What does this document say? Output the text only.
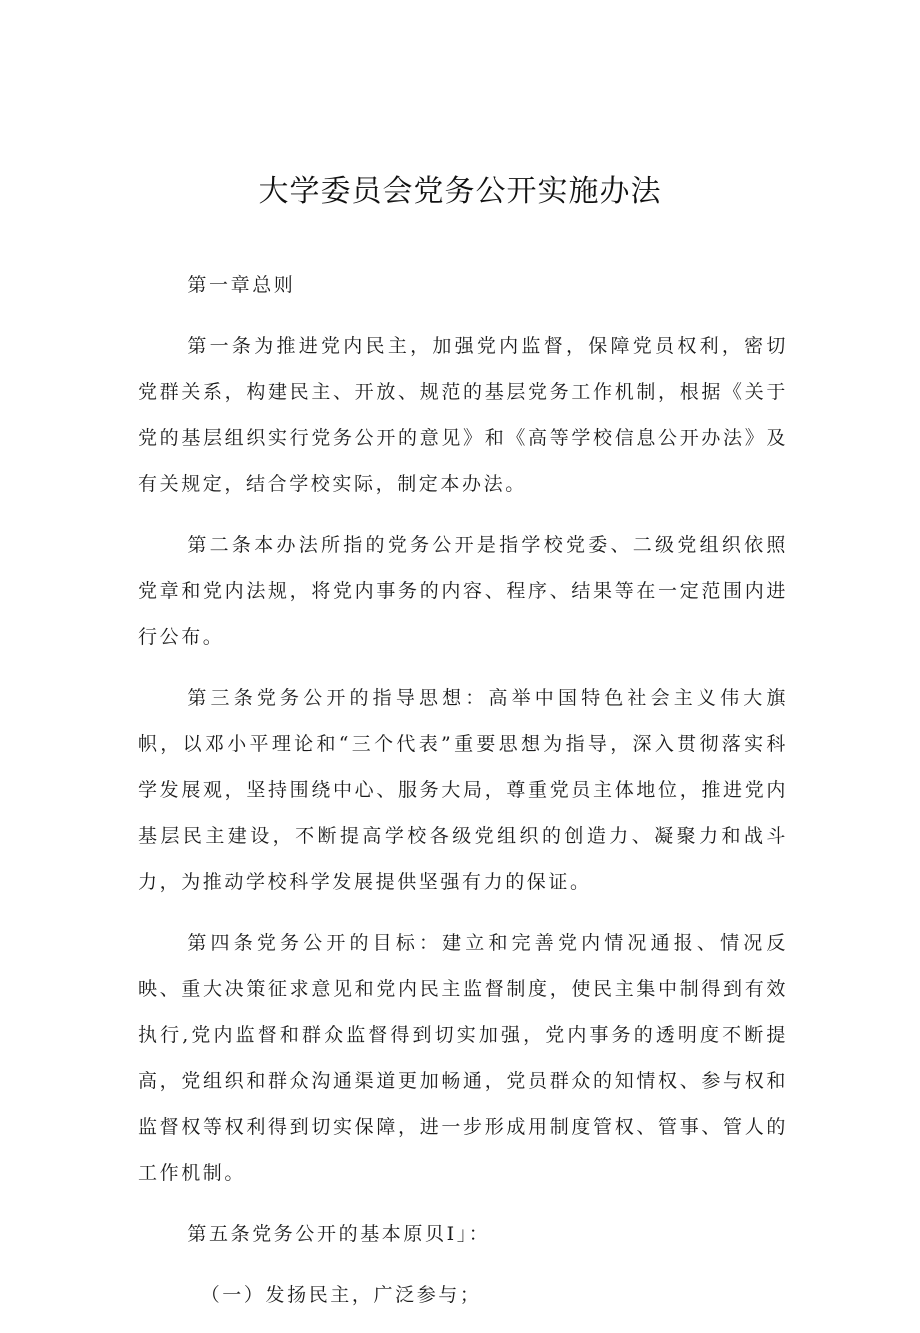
大学委员会党务公开实施办法

第一章总则

第一条为推进党内民主，加强党内监督，保障党员权利，密切党群关系，构建民主、开放、规范的基层党务工作机制，根据《关于党的基层组织实行党务公开的意见》和《高等学校信息公开办法》及有关规定，结合学校实际，制定本办法。

第二条本办法所指的党务公开是指学校党委、二级党组织依照党章和党内法规，将党内事务的内容、程序、结果等在一定范围内进行公布。

第三条党务公开的指导思想：高举中国特色社会主义伟大旗帜，以邓小平理论和“三个代表”重要思想为指导，深入贯彻落实科学发展观，坚持围绕中心、服务大局，尊重党员主体地位，推进党内基层民主建设，不断提高学校各级党组织的创造力、凝聚力和战斗力，为推动学校科学发展提供坚强有力的保证。

第四条党务公开的目标：建立和完善党内情况通报、情况反映、重大决策征求意见和党内民主监督制度，使民主集中制得到有效执行,党内监督和群众监督得到切实加强，党内事务的透明度不断提高，党组织和群众沟通渠道更加畅通，党员群众的知情权、参与权和监督权等权利得到切实保障，进一步形成用制度管权、管事、管人的工作机制。

第五条党务公开的基本原贝I」：

（一）发扬民主，广泛参与；
